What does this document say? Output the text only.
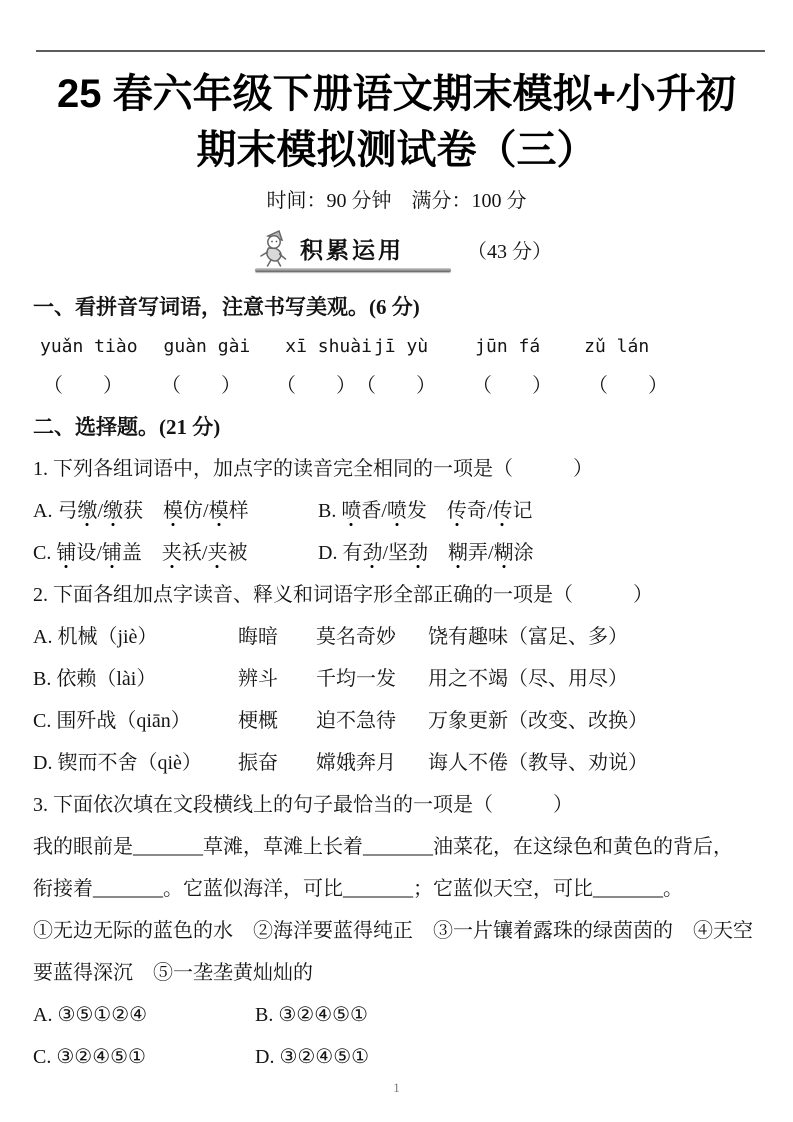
25 春六年级下册语文期末模拟+小升初
期末模拟测试卷（三）
时间：90 分钟　满分：100 分
积累运用	（43 分）
一、看拼音写词语，注意书写美观。(6 分)
yuǎn tiào guàn gài xī shuài jī yù	jūn fá zǔ lán
（　　） （　　） （　　） （　　） （　　） （　　）
二、选择题。(21 分)
1. 下列各组词语中，加点字的读音完全相同的一项是（　　　）
A. 弓缴/缴获　模仿/模样	B. 喷香/喷发　传奇/传记
C. 铺设/铺盖　夹袄/夹被	D. 有劲/坚劲　 糊弄/糊涂
2. 下面各组加点字读音、释义和词语字形全部正确的一项是（　　　）
A. 机械（jiè）	晦暗	莫名奇妙	饶有趣味（富足、多）
B. 依赖（lài）	辨斗	千均一发	用之不竭（尽、用尽）
C. 围歼战（qiān）	梗概	迫不急待	万象更新（改变、改换）
D. 锲而不舍（qiè）	振奋	嫦娥奔月	诲人不倦（教导、劝说）
3. 下面依次填在文段横线上的句子最恰当的一项是（　　　）
我的眼前是_______草滩，草滩上长着_______油菜花，在这绿色和黄色的背后，
衔接着_______。它蓝似海洋，可比_______；它蓝似天空，可比_______。
①无边无际的蓝色的水　②海洋要蓝得纯正　③一片镶着露珠的绿茵茵的　④天空
要蓝得深沉　⑤一垄垄黄灿灿的
A. ③⑤①②④	B. ③②④⑤①
C. ③②④⑤①	D. ③②④⑤①
1
